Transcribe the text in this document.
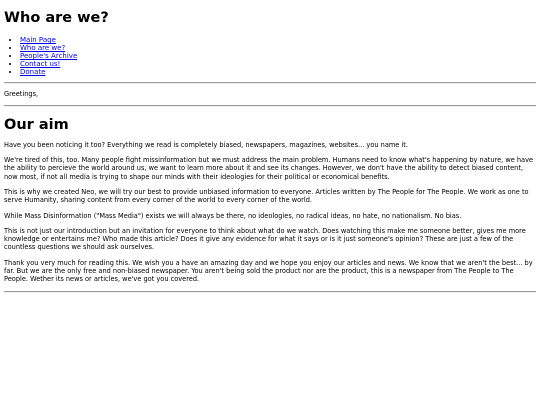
Who are we?
• Main Page
• Who are we?
• People's Archive
• Contact us!
• Donate

Greetings,

Our aim

Have you been noticing it too? Everything we read is completely biased, newspapers, magazines, websites... you name it.

We're tired of this, too. Many people fight missinformation but we must address the main problem. Humans need to know what's happening by nature, we have the ability to percieve the world around us, we want to learn more about it and see its changes. However, we don't have the ability to detect biased content, now most, if not all media is trying to shape our minds with their ideologies for their political or economical benefits.

This is why we created Neo, we will try our best to provide unbiased information to everyone. Articles written by The People for The People. We work as one to serve Humanity, sharing content from every corner of the world to every corner of the world.

While Mass Disinformation ("Mass Media") exists we will always be there, no ideologies, no radical ideas, no hate, no nationalism. No bias.

This is not just our introduction but an invitation for everyone to think about what do we watch. Does watching this make me someone better, gives me more knowledge or entertains me? Who made this article? Does it give any evidence for what it says or is it just someone's opinion? These are just a few of the countless questions we should ask ourselves.

Thank you very much for reading this. We wish you a have an amazing day and we hope you enjoy our articles and news. We know that we aren't the best... by far. But we are the only free and non-biased newspaper. You aren't being sold the product nor are the product, this is a newspaper from The People to The People. Wether its news or articles, we've got you covered.
